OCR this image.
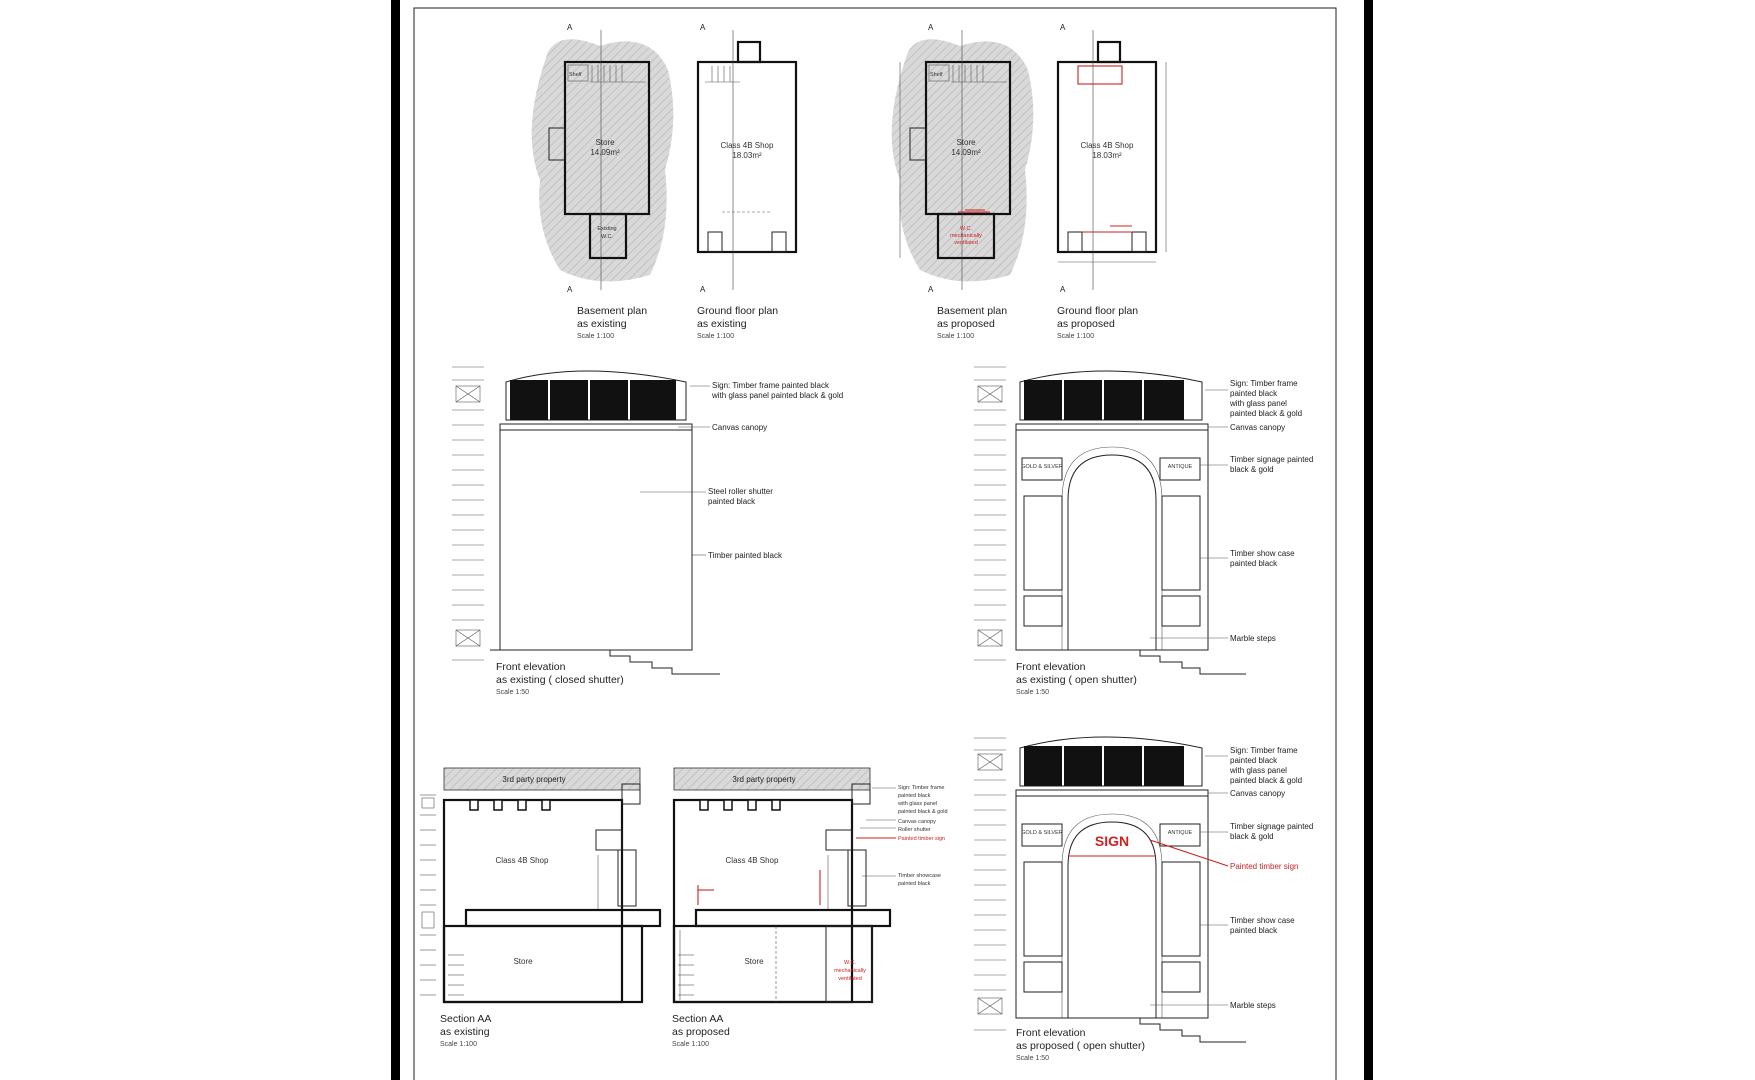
Shelf
A
A
Store
14.09m²
Existing
W.C.
Basement plan
as existing
Scale 1:100
A
A
Class 4B Shop
18.03m²
Ground floor plan
as existing
Scale 1:100
Shelf
A
A
Store
14.09m²
W.C.
mechanically
ventilated
Basement plan
as proposed
Scale 1:100
A
A
Class 4B Shop
18.03m²
Ground floor plan
as proposed
Scale 1:100
Sign: Timber frame painted black
with glass panel painted black & gold
Canvas canopy
Steel roller shutter
painted black
Timber painted black
Front elevation
as existing ( closed shutter)
Scale 1:50
GOLD & SILVER	ANTIQUE
Sign: Timber frame
painted black
with glass panel
painted black & gold
Canvas canopy
Timber signage painted
black & gold
Timber show case
painted black
Marble steps
Front elevation
as existing ( open shutter)
Scale 1:50
3rd party property
Class 4B Shop
Store
Section AA
as existing
Scale 1:100
3rd party property
Class 4B Shop
Store	W.C.
mechanically
ventilated
Sign: Timber frame
painted black
with glass panel
painted black & gold
Canvas canopy
Roller shutter
Painted timber sign
Timber showcase
painted black
Section AA
as proposed
Scale 1:100
GOLD & SILVER	ANTIQUE
SIGN
Sign: Timber frame
painted black
with glass panel
painted black & gold
Canvas canopy
Timber signage painted
black & gold
Painted timber sign
Timber show case
painted black
Marble steps
Front elevation
as proposed ( open shutter)
Scale 1:50
